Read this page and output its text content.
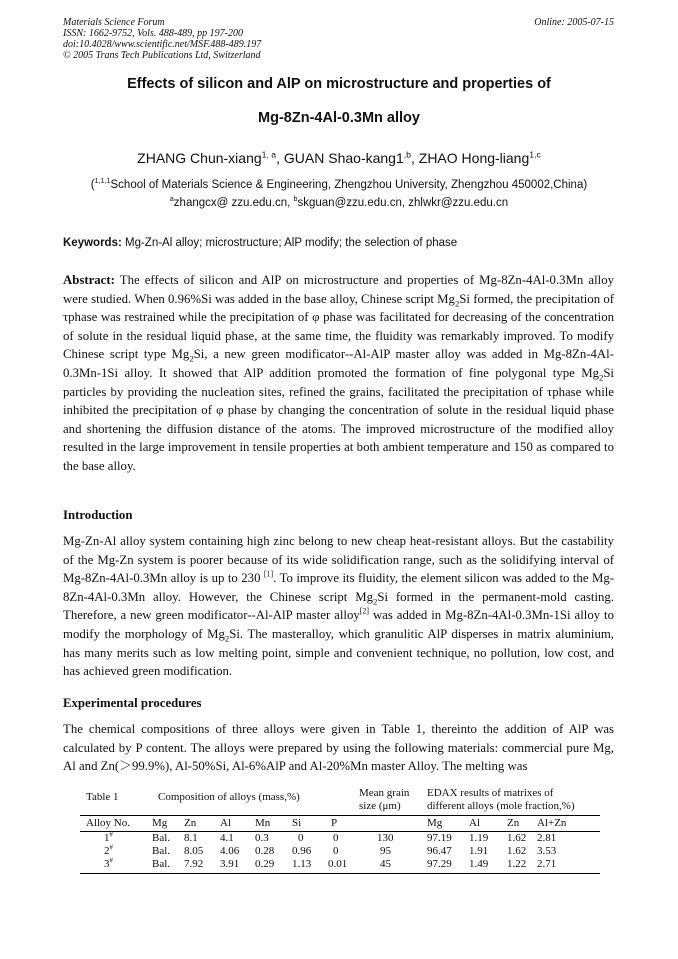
Materials Science Forum
ISSN: 1662-9752, Vols. 488-489, pp 197-200
doi:10.4028/www.scientific.net/MSF.488-489.197
© 2005 Trans Tech Publications Ltd, Switzerland
Online: 2005-07-15
Effects of silicon and AlP on microstructure and properties of
Mg-8Zn-4Al-0.3Mn alloy
ZHANG Chun-xiang$^{1, a}$, GUAN Shao-$kang1^{,b}$, ZHAO Hong-liang$^{1,c}$
($^{1,1,1}$School of Materials Science & Engineering, Zhengzhou University, Zhengzhou 450002,China)
$^a$zhangcx@ zzu.edu.cn, $^b$skguan@zzu.edu.cn, zhlwkr@zzu.edu.cn
Keywords: Mg-Zn-Al alloy; microstructure; AlP modify; the selection of phase
Abstract: The effects of silicon and AlP on microstructure and properties of Mg-8Zn-4Al-0.3Mn alloy were studied. When 0.96%Si was added in the base alloy, Chinese script $Mg_2Si$ formed, the precipitation of τphase was restrained while the precipitation of φ phase was facilitated for decreasing of the concentration of solute in the residual liquid phase, at the same time, the fluidity was remarkably improved. To modify Chinese script type $Mg_2Si$, a new green modificator--Al-AlP master alloy was added in Mg-8Zn-4Al-0.3Mn-1Si alloy. It showed that AlP addition promoted the formation of fine polygonal type $Mg_2Si$ particles by providing the nucleation sites, refined the grains, facilitated the precipitation of τphase while inhibited the precipitation of φ phase by changing the concentration of solute in the residual liquid phase and shortening the diffusion distance of the atoms. The improved microstructure of the modified alloy resulted in the large improvement in tensile properties at both ambient temperature and 150 as compared to the base alloy.
Introduction
Mg-Zn-Al alloy system containing high zinc belong to new cheap heat-resistant alloys. But the castability of the Mg-Zn system is poorer because of its wide solidification range, such as the solidifying interval of Mg-8Zn-4Al-0.3Mn alloy is up to 230 [1]. To improve its fluidity, the element silicon was added to the Mg-8Zn-4Al-0.3Mn alloy. However, the Chinese script $Mg_2Si$ formed in the permanent-mold casting. Therefore, a new green modificator--Al-AlP master alloy[2] was added in Mg-8Zn-4Al-0.3Mn-1Si alloy to modify the morphology of $Mg_2Si$. The masteralloy, which granulitic AlP disperses in matrix aluminium, has many merits such as low melting point, simple and convenient technique, no pollution, low cost, and has achieved green modification.
Experimental procedures
The chemical compositions of three alloys were given in Table 1, thereinto the addition of AlP was calculated by P content. The alloys were prepared by using the following materials: commercial pure Mg, Al and Zn(＞99.9%), Al-50%Si, Al-6%AlP and Al-20%Mn master Alloy. The melting was
Table 1	Composition of alloys (mass,%)	Mean grain
size (μm)
EDAX results of matrixes of
different alloys (mole fraction,%)
Alloy No. Mg Zn Al Mn Si	P	Mg Al Zn Al+Zn
1#	Bal. 8.1 4.1 0.3	0	0	130	97.19 1.19 1.62 2.81
2#	Bal. 8.05 4.06 0.28 0.96 0	95	96.47 1.91 1.62 3.53
3#	Bal. 7.92 3.91 0.29 1.13 0.01	45	97.29 1.49 1.22 2.71
